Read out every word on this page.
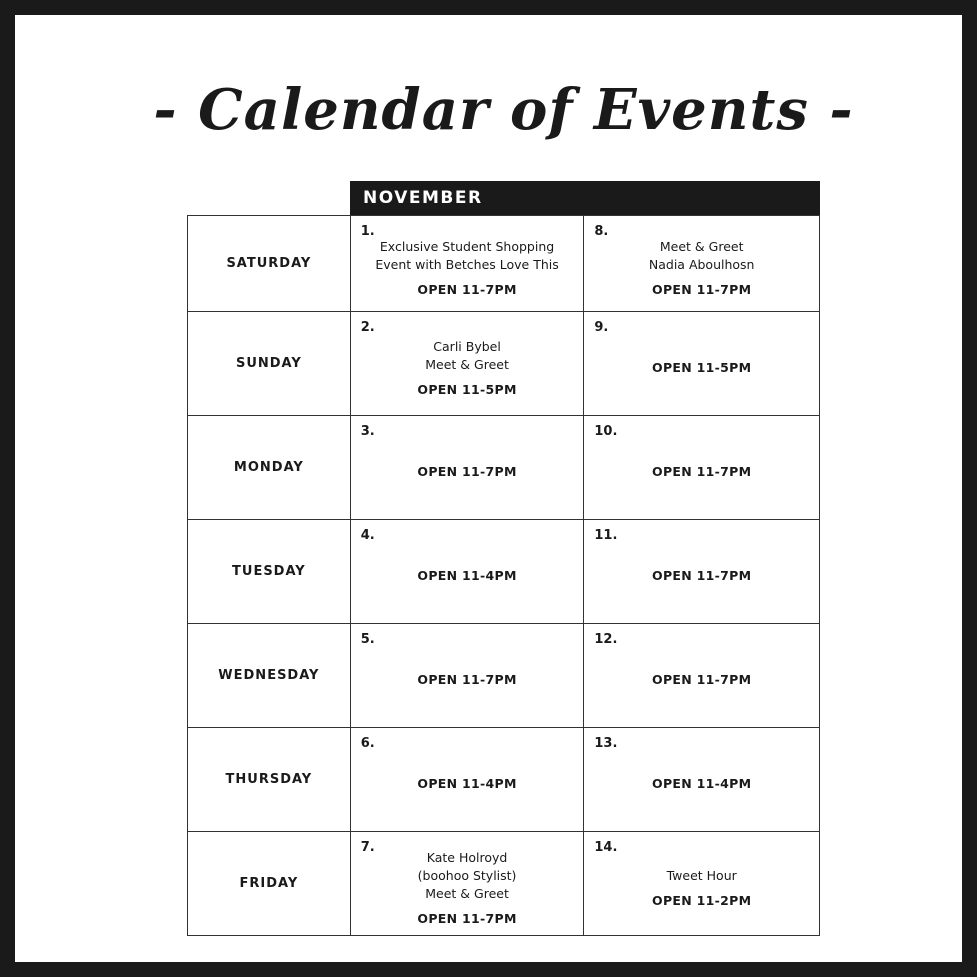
- Calendar of Events -
NOVEMBER
SATURDAY
1.
Exclusive Student Shopping
Event with Betches Love This
OPEN 11-7PM
8.
Meet & Greet
Nadia Aboulhosn
OPEN 11-7PM
SUNDAY
2.
Carli Bybel
Meet & Greet
OPEN 11-5PM
9.
OPEN 11-5PM
MONDAY
3.
OPEN 11-7PM
10.
OPEN 11-7PM
TUESDAY
4.
OPEN 11-4PM
11.
OPEN 11-7PM
WEDNESDAY
5.
OPEN 11-7PM
12.
OPEN 11-7PM
THURSDAY
6.
OPEN 11-4PM
13.
OPEN 11-4PM
FRIDAY
7.
Kate Holroyd
(boohoo Stylist)
Meet & Greet
OPEN 11-7PM
14.
Tweet Hour
OPEN 11-2PM
